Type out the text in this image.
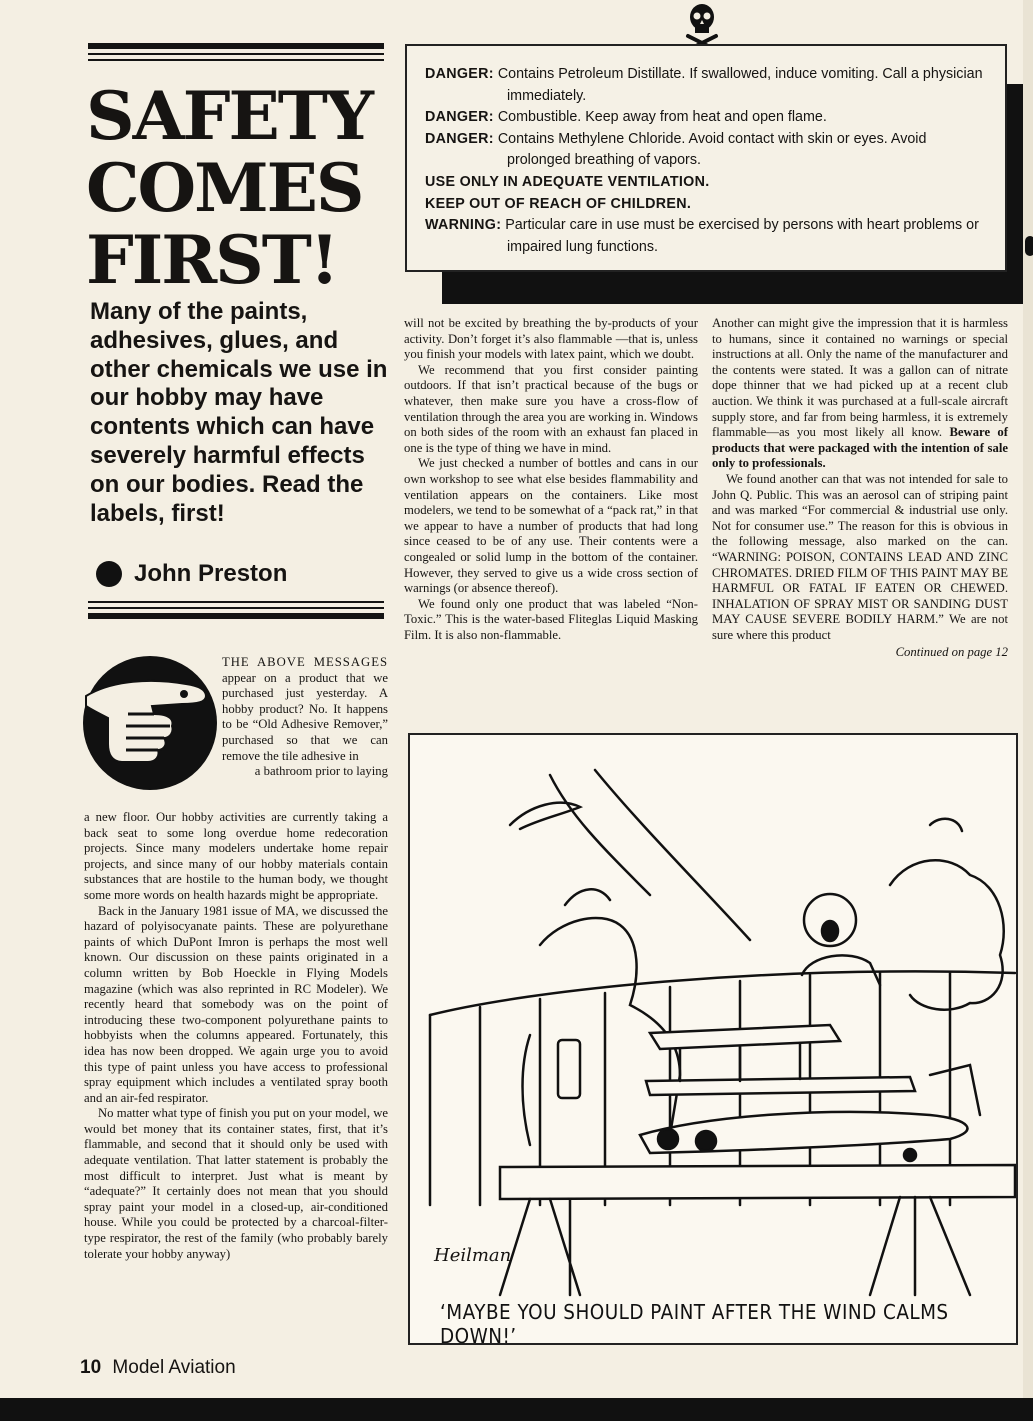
SAFETY
COMES
FIRST!

Many of the paints, adhesives, glues, and other chemicals we use in our hobby may have contents which can have severely harmful effects on our bodies. Read the labels, first!

John Preston

DANGER: Contains Petroleum Distillate. If swallowed, induce vomiting. Call a physician immediately.

DANGER: Combustible. Keep away from heat and open flame.

DANGER: Contains Methylene Chloride. Avoid contact with skin or eyes. Avoid prolonged breathing of vapors.

USE ONLY IN ADEQUATE VENTILATION.

KEEP OUT OF REACH OF CHILDREN.

WARNING: Particular care in use must be exercised by persons with heart problems or impaired lung functions.

THE ABOVE MESSAGES appear on a product that we purchased just yesterday. A hobby product? No. It happens to be “Old Adhesive Remover,” purchased so that we can remove the tile adhesive in
a bathroom prior to laying

a new floor. Our hobby activities are currently taking a back seat to some long overdue home redecoration projects. Since many modelers undertake home repair projects, and since many of our hobby materials contain substances that are hostile to the human body, we thought some more words on health hazards might be appropriate.

Back in the January 1981 issue of MA, we discussed the hazard of polyisocyanate paints. These are polyurethane paints of which DuPont Imron is perhaps the most well known. Our discussion on these paints originated in a column written by Bob Hoeckle in Flying Models magazine (which was also reprinted in RC Modeler). We recently heard that somebody was on the point of introducing these two-component polyurethane paints to hobbyists when the columns appeared. Fortunately, this idea has now been dropped. We again urge you to avoid this type of paint unless you have access to professional spray equipment which includes a ventilated spray booth and an air-fed respirator.

No matter what type of finish you put on your model, we would bet money that its container states, first, that it’s flammable, and second that it should only be used with adequate ventilation. That latter statement is probably the most difficult to interpret. Just what is meant by “adequate?” It certainly does not mean that you should spray paint your model in a closed-up, air-conditioned house. While you could be protected by a charcoal-filter-type respirator, the rest of the family (who probably barely tolerate your hobby anyway)

will not be excited by breathing the by-products of your activity. Don’t forget it’s also flammable —that is, unless you finish your models with latex paint, which we doubt.

We recommend that you first consider painting outdoors. If that isn’t practical because of the bugs or whatever, then make sure you have a cross-flow of ventilation through the area you are working in. Windows on both sides of the room with an exhaust fan placed in one is the type of thing we have in mind.

We just checked a number of bottles and cans in our own workshop to see what else besides flammability and ventilation appears on the containers. Like most modelers, we tend to be somewhat of a “pack rat,” in that we appear to have a number of products that had long since ceased to be of any use. Their contents were a congealed or solid lump in the bottom of the container. However, they served to give us a wide cross section of warnings (or absence thereof).

We found only one product that was labeled “Non-Toxic.” This is the water-based Fliteglas Liquid Masking Film. It is also non-flammable.

Another can might give the impression that it is harmless to humans, since it contained no warnings or special instructions at all. Only the name of the manufacturer and the contents were stated. It was a gallon can of nitrate dope thinner that we had picked up at a recent club auction. We think it was purchased at a full-scale aircraft supply store, and far from being harmless, it is extremely flammable—as you most likely all know. Beware of products that were packaged with the intention of sale only to professionals.

We found another can that was not intended for sale to John Q. Public. This was an aerosol can of striping paint and was marked “For commercial & industrial use only. Not for consumer use.” The reason for this is obvious in the following message, also marked on the can. “WARNING: POISON, CONTAINS LEAD AND ZINC CHROMATES. DRIED FILM OF THIS PAINT MAY BE HARMFUL OR FATAL IF EATEN OR CHEWED. INHALATION OF SPRAY MIST OR SANDING DUST MAY CAUSE SEVERE BODILY HARM.” We are not sure where this product

Continued on page 12
Heilman
‘MAYBE YOU SHOULD PAINT AFTER THE WIND CALMS DOWN!’
10 Model Aviation
